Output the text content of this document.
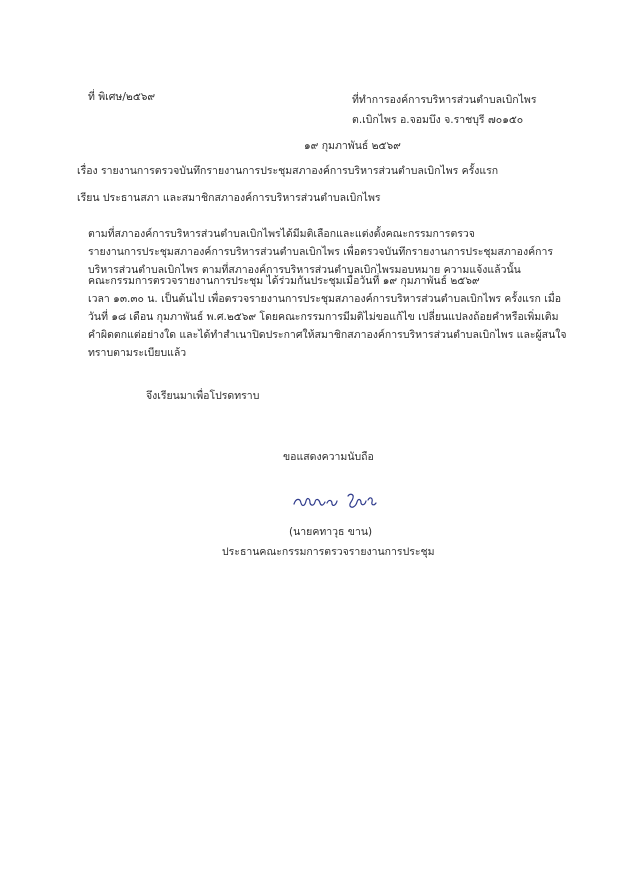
ที่ พิเศษ/๒๕๖๙	ที่ทำการองค์การบริหารส่วนตำบลเบิกไพร
ต.เบิกไพร อ.จอมบึง จ.ราชบุรี ๗๐๑๕๐
๑๙ กุมภาพันธ์ ๒๕๖๙
เรื่อง รายงานการตรวจบันทึกรายงานการประชุมสภาองค์การบริหารส่วนตำบลเบิกไพร ครั้งแรก
เรียน ประธานสภา และสมาชิกสภาองค์การบริหารส่วนตำบลเบิกไพร
ตามที่สภาองค์การบริหารส่วนตำบลเบิกไพรได้มีมติเลือกและแต่งตั้งคณะกรรมการตรวจ
รายงานการประชุมสภาองค์การบริหารส่วนตำบลเบิกไพร เพื่อตรวจบันทึกรายงานการประชุมสภาองค์การ
บริหารส่วนตำบลเบิกไพร ตามที่สภาองค์การบริหารส่วนตำบลเบิกไพรมอบหมาย ความแจ้งแล้วนั้น
คณะกรรมการตรวจรายงานการประชุม ได้ร่วมกันประชุมเมื่อวันที่ ๑๙ กุมภาพันธ์ ๒๕๖๙
เวลา ๑๓.๓๐ น. เป็นต้นไป เพื่อตรวจรายงานการประชุมสภาองค์การบริหารส่วนตำบลเบิกไพร ครั้งแรก เมื่อ
วันที่ ๑๘ เดือน กุมภาพันธ์ พ.ศ.๒๕๖๙ โดยคณะกรรมการมีมติไม่ขอแก้ไข เปลี่ยนแปลงถ้อยคำหรือเพิ่มเติม
คำผิดตกแต่อย่างใด และได้ทำสำเนาปิดประกาศให้สมาชิกสภาองค์การบริหารส่วนตำบลเบิกไพร และผู้สนใจ
ทราบตามระเบียบแล้ว
จึงเรียนมาเพื่อโปรดทราบ
ขอแสดงความนับถือ
(นายคทาวุธ ขาน)
ประธานคณะกรรมการตรวจรายงานการประชุม
